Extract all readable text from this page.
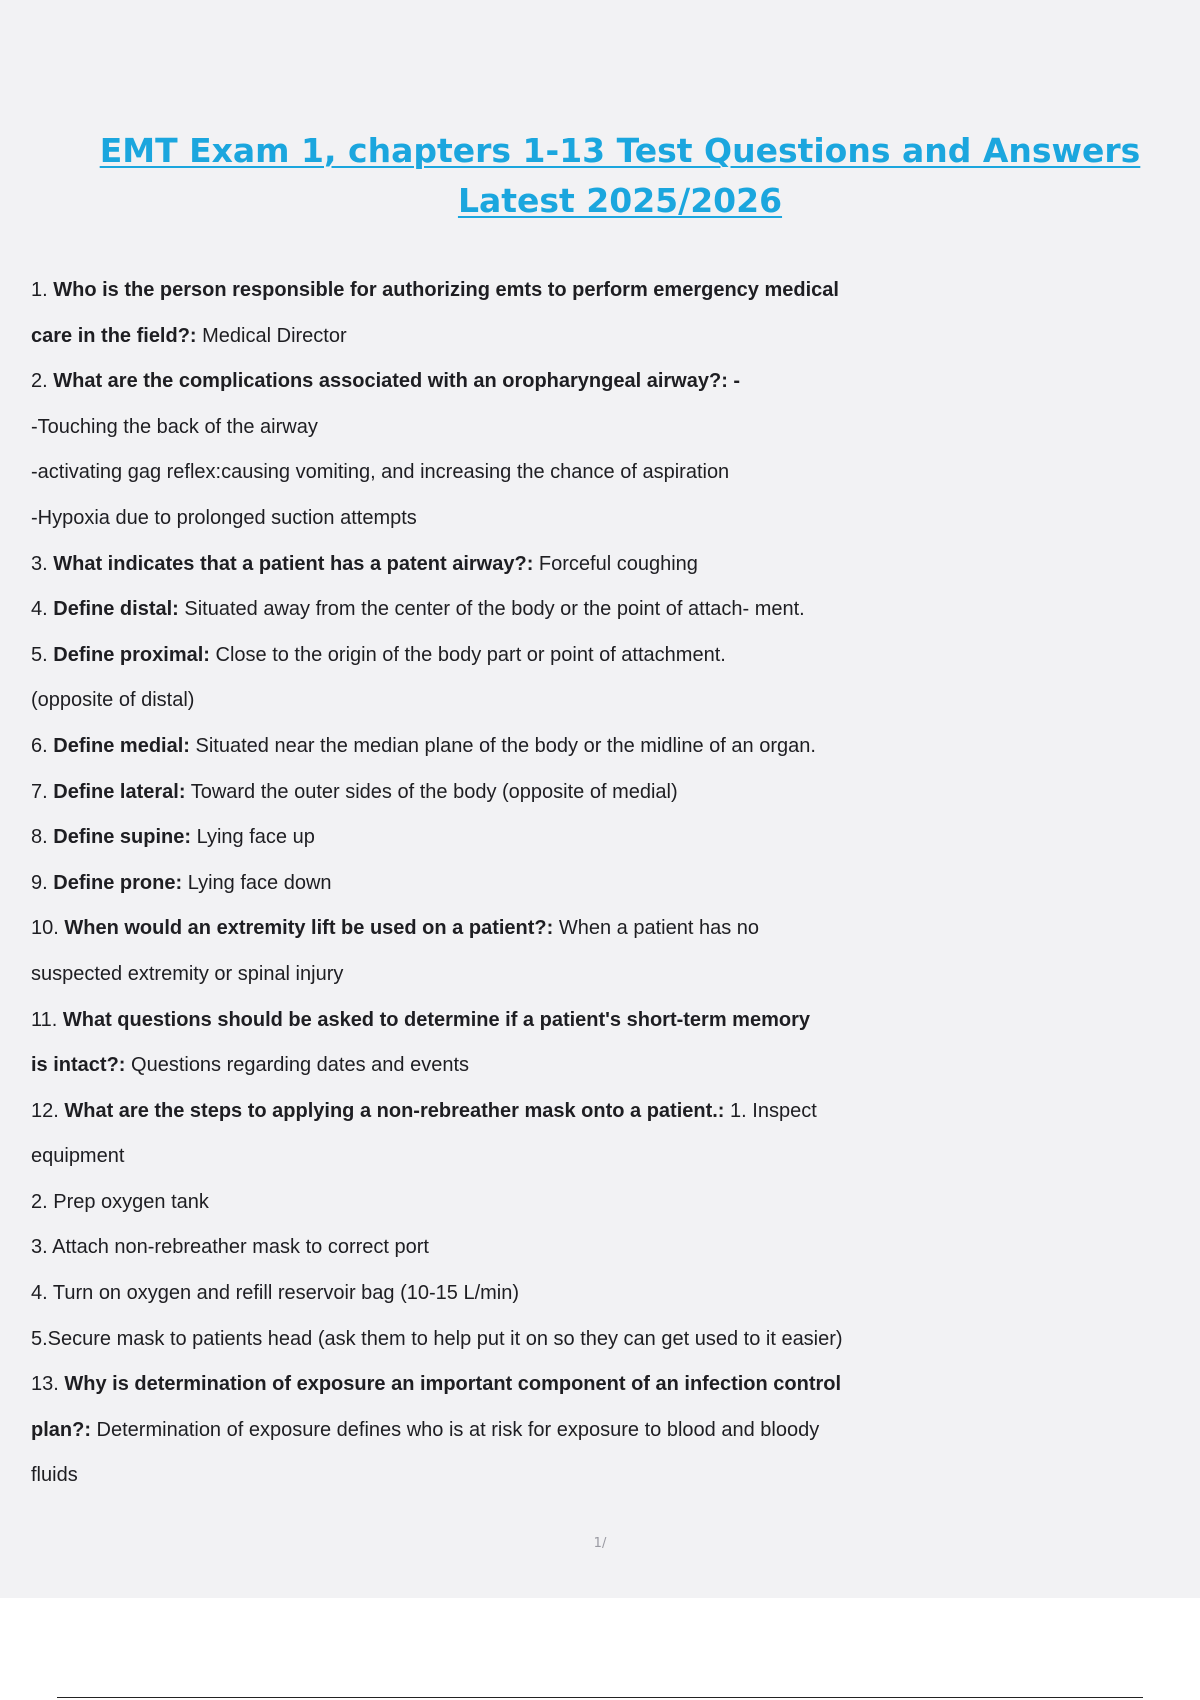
EMT Exam 1, chapters 1-13 Test Questions and Answers
Latest 2025/2026
1. Who is the person responsible for authorizing emts to perform emergency medical
care in the field?: Medical Director
2. What are the complications associated with an oropharyngeal airway?: -
-Touching the back of the airway
-activating gag reflex:causing vomiting, and increasing the chance of aspiration
-Hypoxia due to prolonged suction attempts
3. What indicates that a patient has a patent airway?: Forceful coughing
4. Define distal: Situated away from the center of the body or the point of attach- ment.
5. Define proximal: Close to the origin of the body part or point of attachment.
(opposite of distal)
6. Define medial: Situated near the median plane of the body or the midline of an organ.
7. Define lateral: Toward the outer sides of the body (opposite of medial)
8. Define supine: Lying face up
9. Define prone: Lying face down
10. When would an extremity lift be used on a patient?: When a patient has no
suspected extremity or spinal injury
11. What questions should be asked to determine if a patient's short-term memory
is intact?: Questions regarding dates and events
12. What are the steps to applying a non-rebreather mask onto a patient.: 1. Inspect
equipment
2. Prep oxygen tank
3. Attach non-rebreather mask to correct port
4. Turn on oxygen and refill reservoir bag (10-15 L/min)
5.Secure mask to patients head (ask them to help put it on so they can get used to it easier)
13. Why is determination of exposure an important component of an infection control
plan?: Determination of exposure defines who is at risk for exposure to blood and bloody
fluids
1/
